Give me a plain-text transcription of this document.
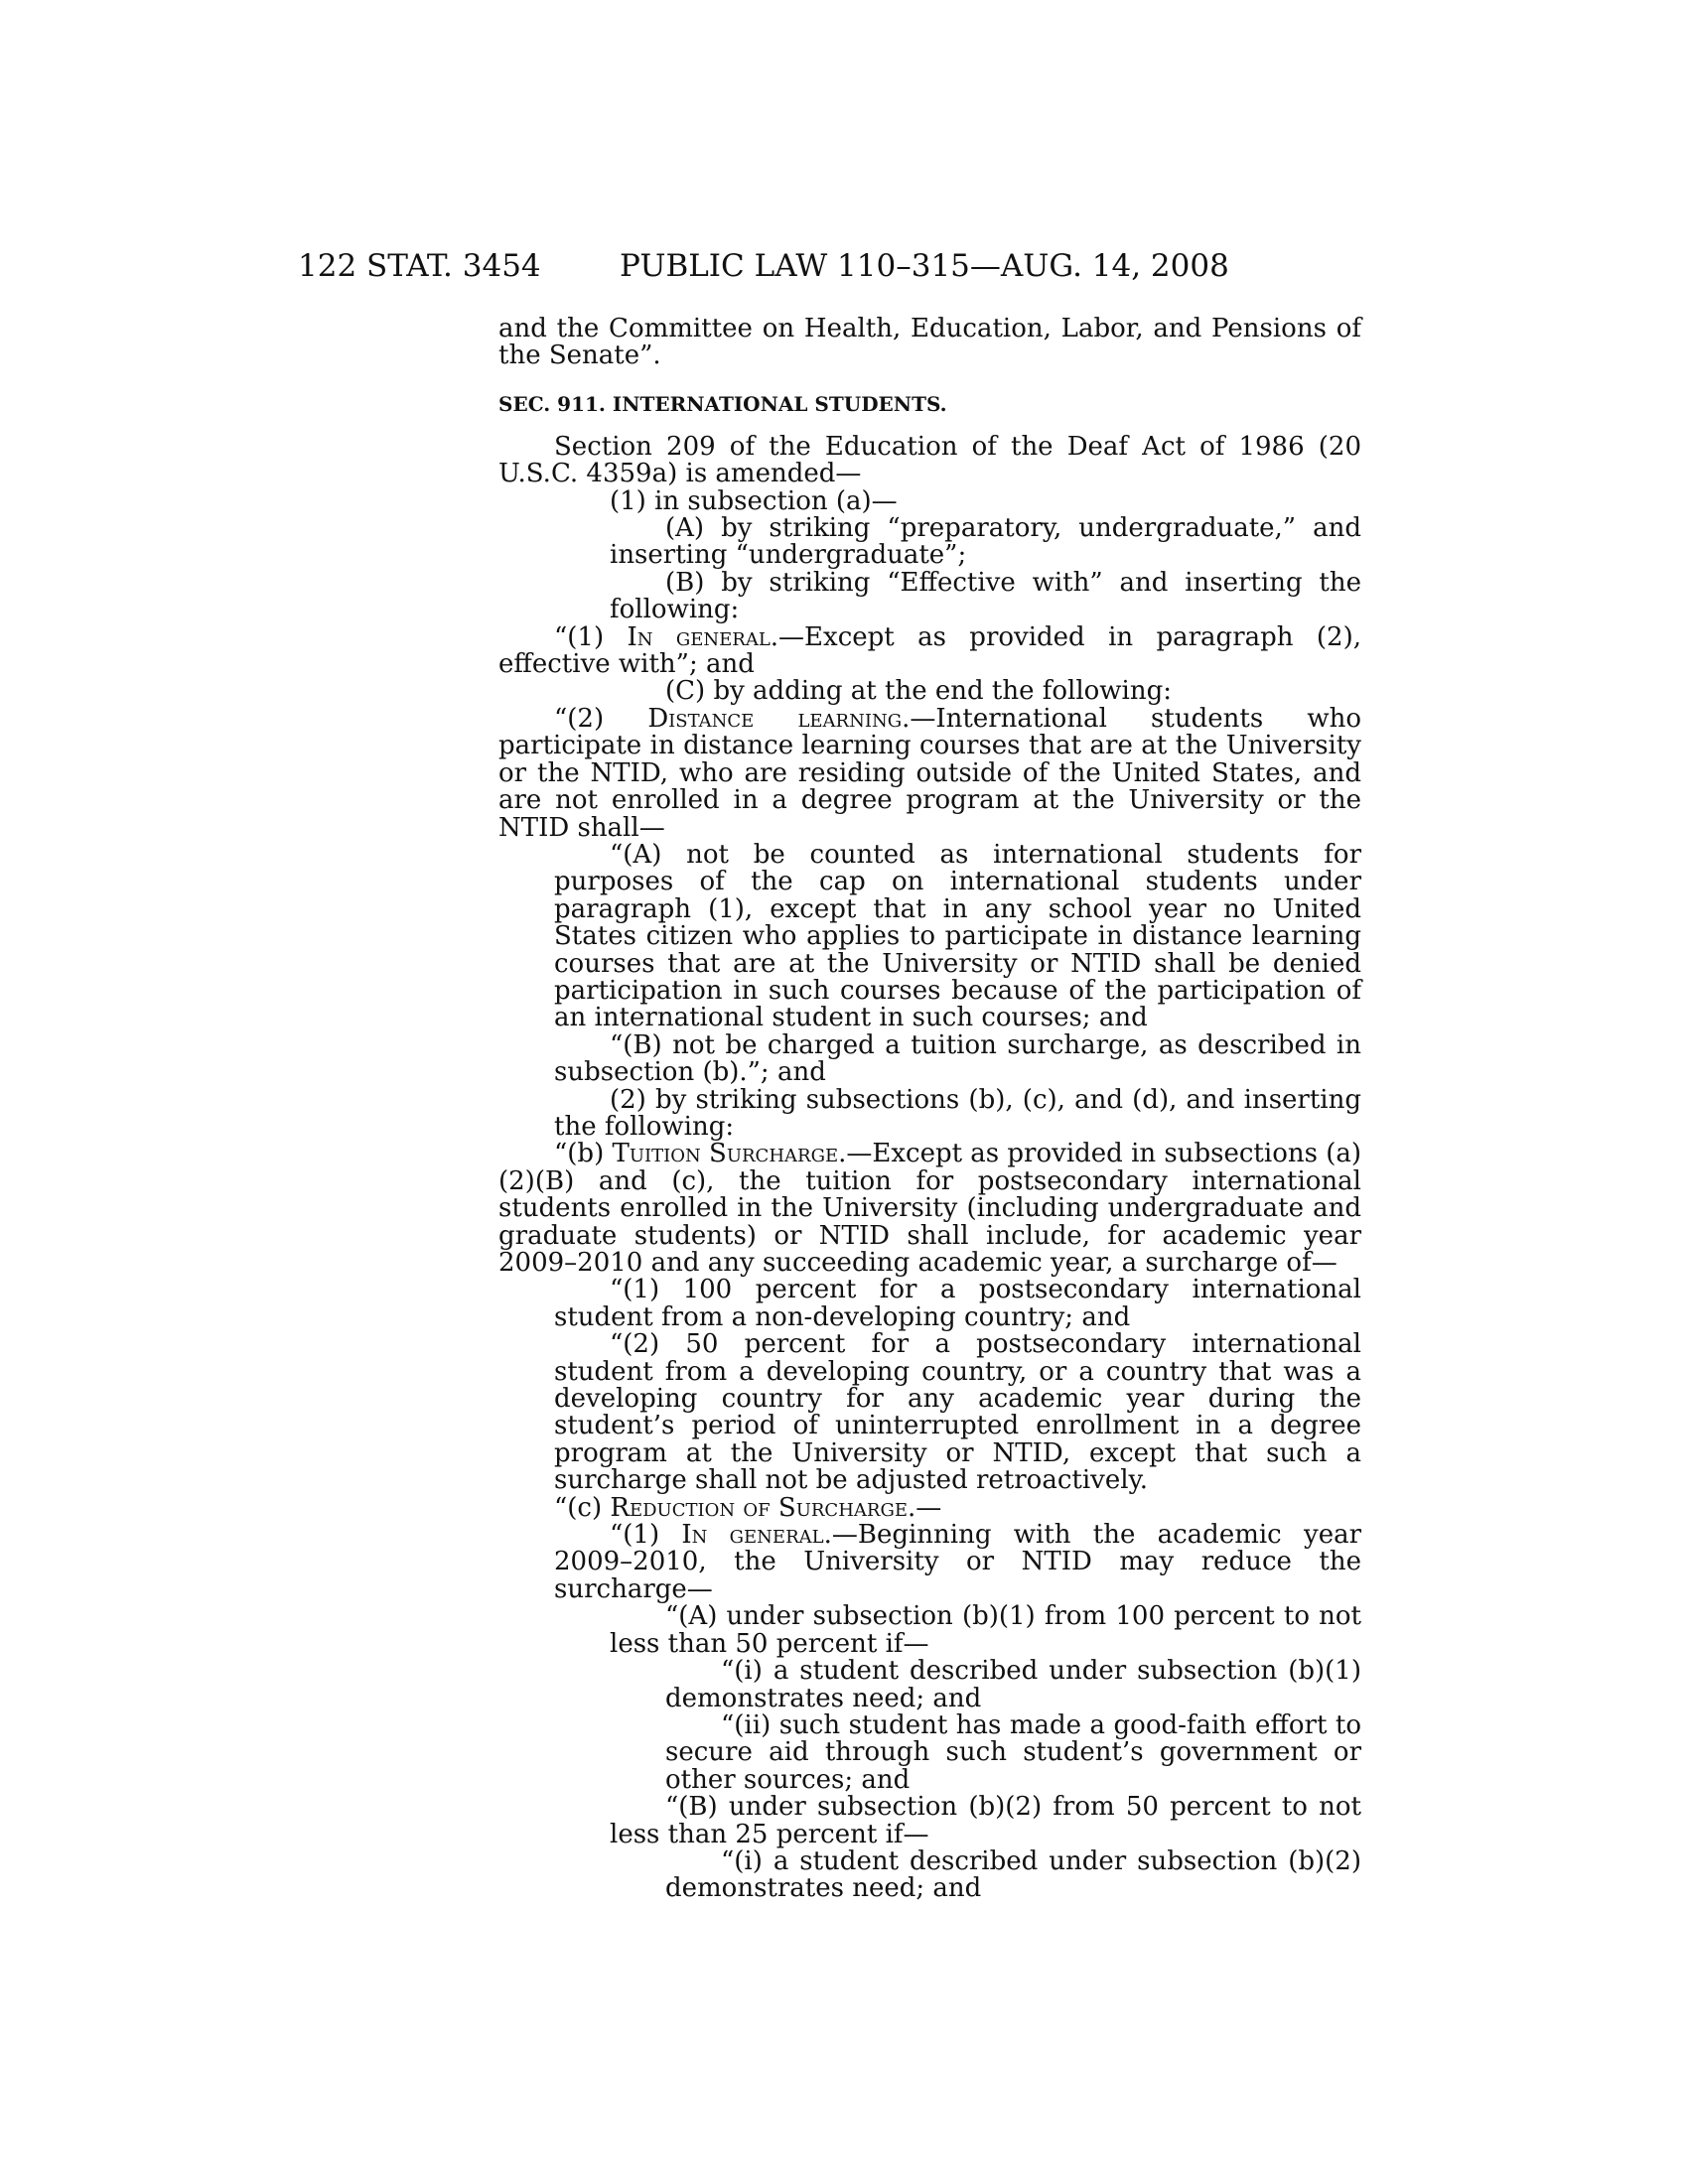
122 STAT. 3454	PUBLIC LAW 110–315—AUG. 14, 2008

and the Committee on Health, Education, Labor, and Pensions of the Senate”.

SEC. 911. INTERNATIONAL STUDENTS.

Section 209 of the Education of the Deaf Act of 1986 (20 U.S.C. 4359a) is amended—

(1) in subsection (a)—

(A) by striking “preparatory, undergraduate,” and inserting “undergraduate”;

(B) by striking “Effective with” and inserting the following:

“(1) In general.—Except as provided in paragraph (2), effective with”; and

(C) by adding at the end the following:

“(2) Distance learning.—International students who participate in distance learning courses that are at the University or the NTID, who are residing outside of the United States, and are not enrolled in a degree program at the University or the NTID shall—

“(A) not be counted as international students for purposes of the cap on international students under paragraph (1), except that in any school year no United States citizen who applies to participate in distance learning courses that are at the University or NTID shall be denied participation in such courses because of the participation of an international student in such courses; and

“(B) not be charged a tuition surcharge, as described in subsection (b).”; and

(2) by striking subsections (b), (c), and (d), and inserting the following:

“(b) Tuition Surcharge.—Except as provided in subsections (a)(2)(B) and (c), the tuition for postsecondary international students enrolled in the University (including undergraduate and graduate students) or NTID shall include, for academic year 2009–2010 and any succeeding academic year, a surcharge of—

“(1) 100 percent for a postsecondary international student from a non-developing country; and

“(2) 50 percent for a postsecondary international student from a developing country, or a country that was a developing country for any academic year during the student’s period of uninterrupted enrollment in a degree program at the University or NTID, except that such a surcharge shall not be adjusted retroactively.

“(c) Reduction of Surcharge.—

“(1) In general.—Beginning with the academic year 2009–2010, the University or NTID may reduce the surcharge—

“(A) under subsection (b)(1) from 100 percent to not less than 50 percent if—

“(i) a student described under subsection (b)(1) demonstrates need; and

“(ii) such student has made a good-faith effort to secure aid through such student’s government or other sources; and

“(B) under subsection (b)(2) from 50 percent to not less than 25 percent if—

“(i) a student described under subsection (b)(2) demonstrates need; and
